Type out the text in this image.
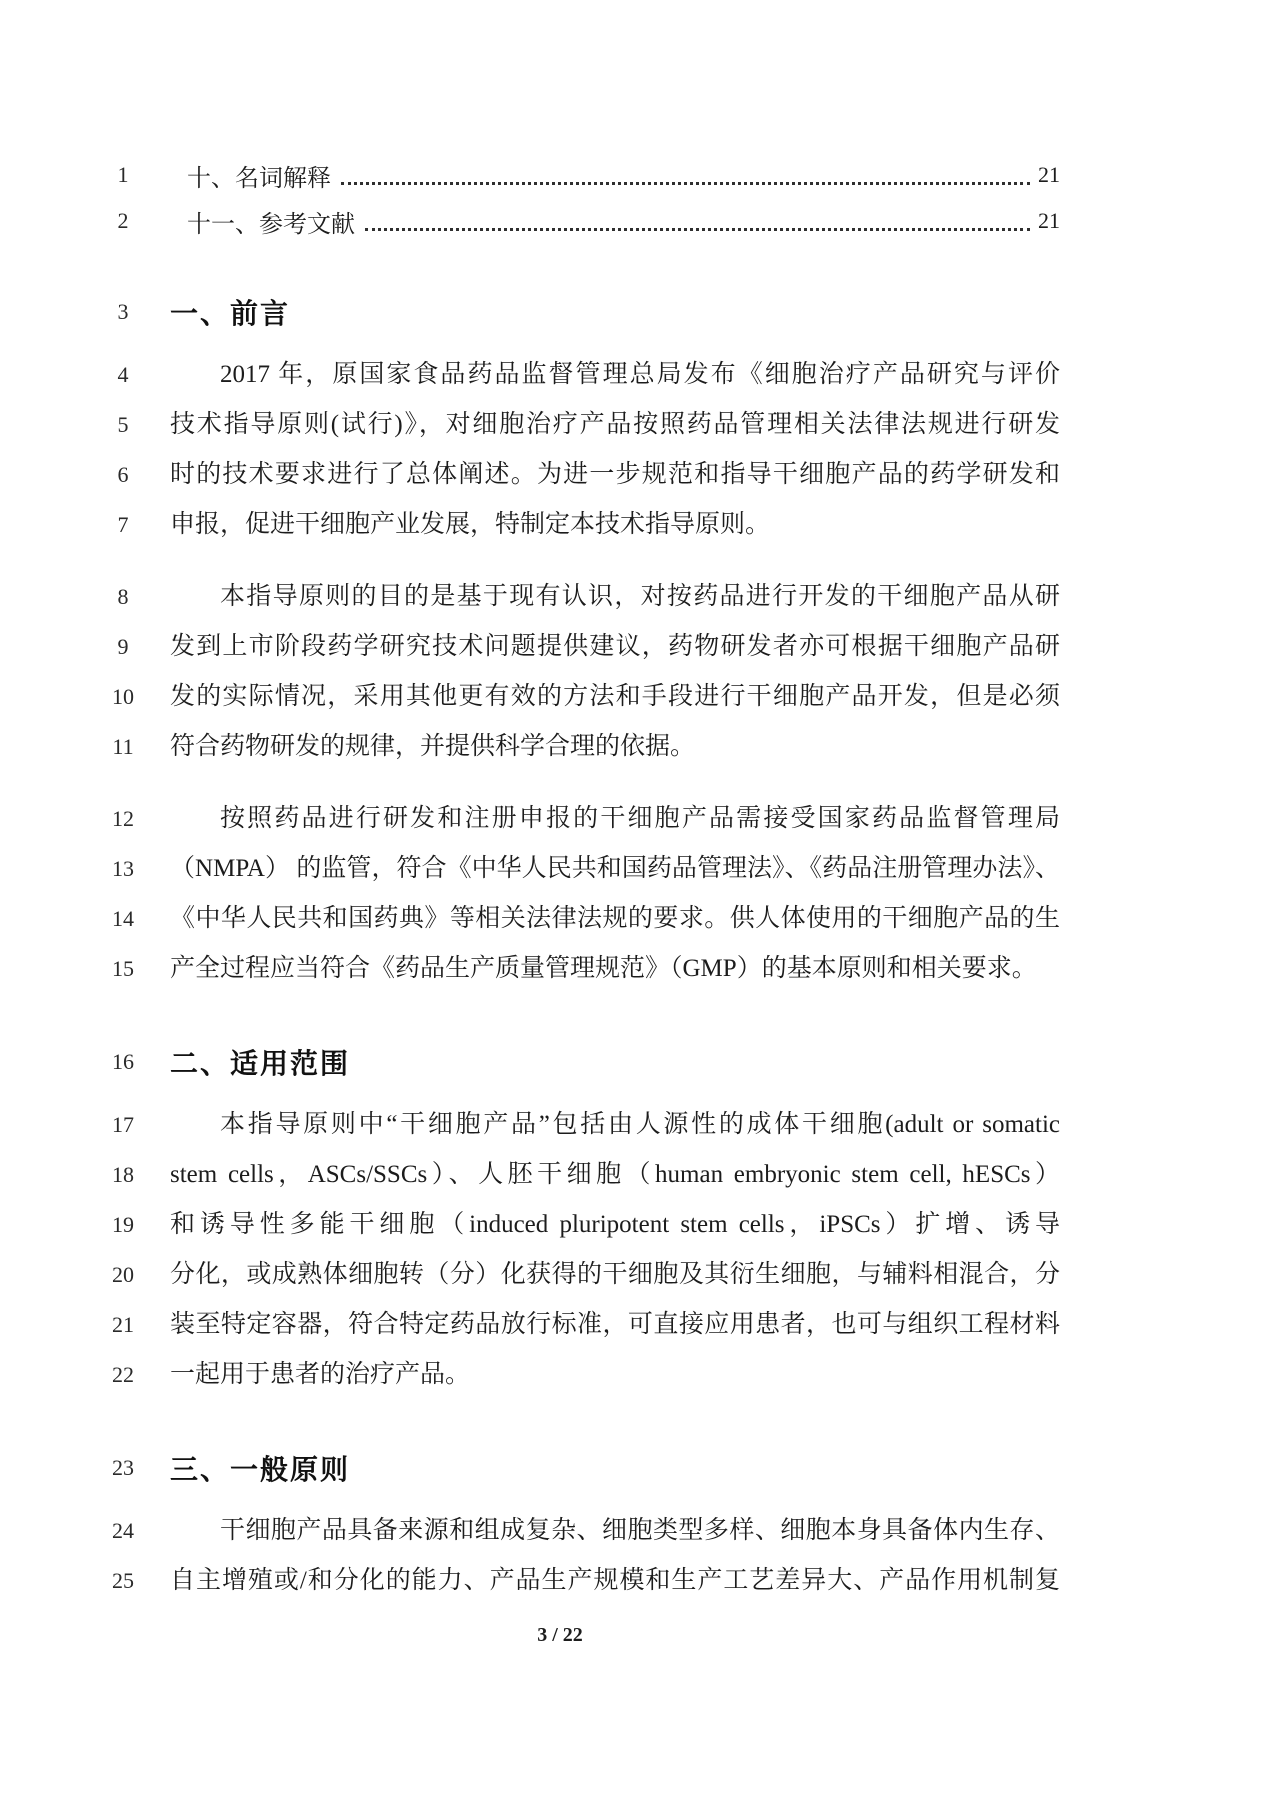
1	十、名词解释	21
2	十一、参考文献	21
3	一、前言
4	2017 年，原国家食品药品监督管理总局发布《细胞治疗产品研究与评价
5	技术指导原则(试行)》，对细胞治疗产品按照药品管理相关法律法规进行研发
6	时的技术要求进行了总体阐述。为进一步规范和指导干细胞产品的药学研发和
7	申报，促进干细胞产业发展，特制定本技术指导原则。
8	本指导原则的目的是基于现有认识，对按药品进行开发的干细胞产品从研
9	发到上市阶段药学研究技术问题提供建议，药物研发者亦可根据干细胞产品研
10	发的实际情况，采用其他更有效的方法和手段进行干细胞产品开发，但是必须
11	符合药物研发的规律，并提供科学合理的依据。
12	按照药品进行研发和注册申报的干细胞产品需接受国家药品监督管理局
13	（NMPA） 的监管，符合《中华人民共和国药品管理法》、《药品注册管理办法》、
14	《中华人民共和国药典》等相关法律法规的要求。供人体使用的干细胞产品的生
15	产全过程应当符合《药品生产质量管理规范》（GMP）的基本原则和相关要求。
16	二、适用范围
17	本指导原则中“干细胞产品”包括由人源性的成体干细胞(adult or somatic
18	stem cells，ASCs/SSCs）、人胚干细胞（human embryonic stem cell, hESCs）
19	和诱导性多能干细胞（induced pluripotent stem cells，iPSCs）扩增、诱导
20	分化，或成熟体细胞转（分）化获得的干细胞及其衍生细胞，与辅料相混合，分
21	装至特定容器，符合特定药品放行标准，可直接应用患者，也可与组织工程材料
22	一起用于患者的治疗产品。
23	三、一般原则
24	干细胞产品具备来源和组成复杂、细胞类型多样、细胞本身具备体内生存、
25	自主增殖或/和分化的能力、产品生产规模和生产工艺差异大、产品作用机制复
3 / 22
